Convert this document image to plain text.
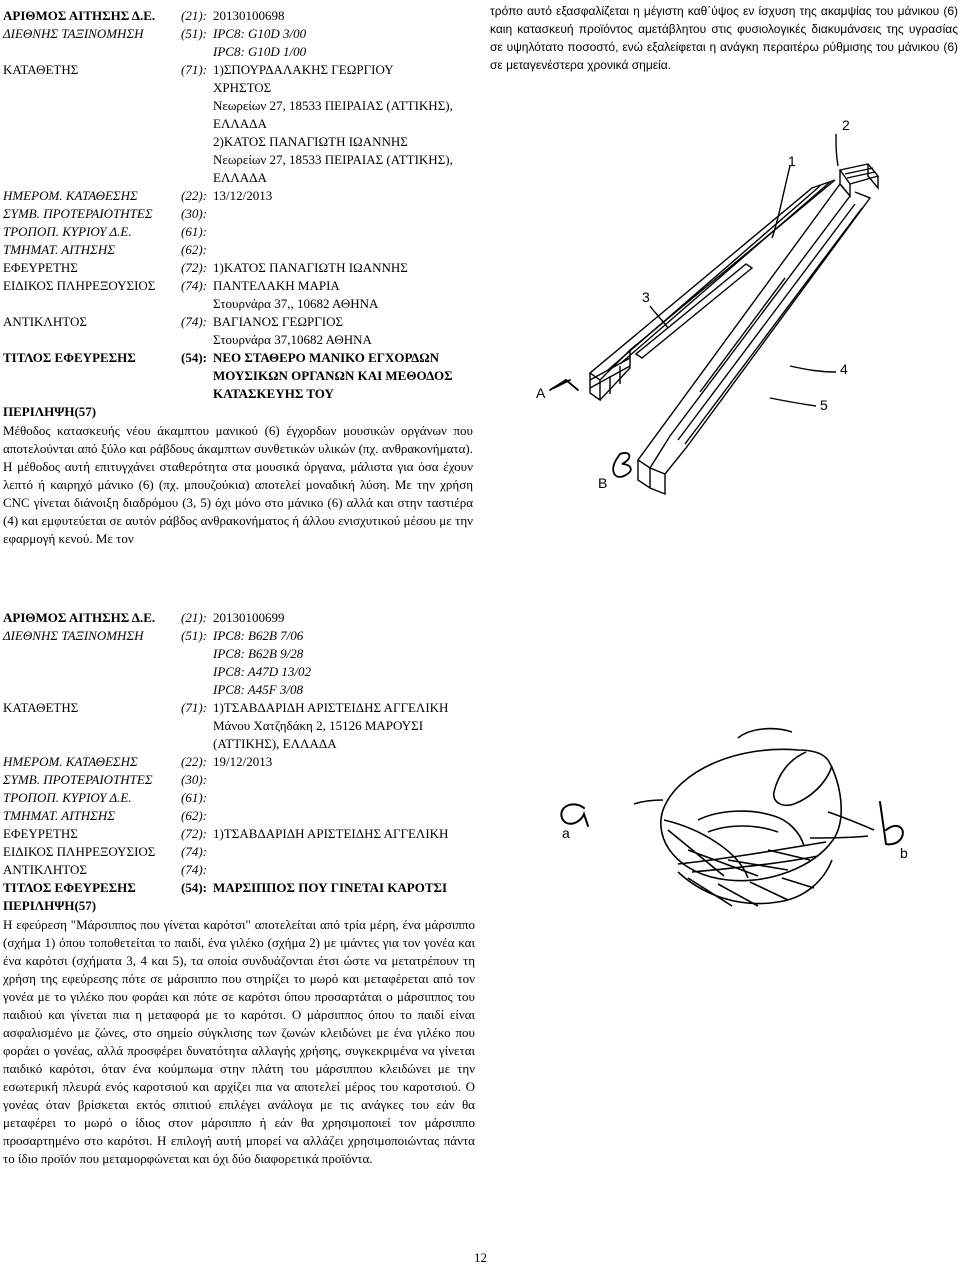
ΑΡΙΘΜΟΣ ΑΙΤΗΣΗΣ Δ.Ε. (21): 20130100698
ΔΙΕΘΝΗΣ ΤΑΞΙΝΟΜΗΣΗ	(51): IPC8: G10D 3/00
IPC8: G10D 1/00
ΚΑΤΑΘΕΤΗΣ	(71): 1)ΣΠΟΥΡΔΑΛΑΚΗΣ ΓΕΩΡΓΙΟΥ
ΧΡΗΣΤΟΣ
Νεωρείων 27, 18533 ΠΕΙΡΑΙΑΣ (ΑΤΤΙΚΗΣ),
ΕΛΛΑΔΑ
2)ΚΑΤΟΣ ΠΑΝΑΓΙΩΤΗ ΙΩΑΝΝΗΣ
Νεωρείων 27, 18533 ΠΕΙΡΑΙΑΣ (ΑΤΤΙΚΗΣ),
ΕΛΛΑΔΑ
ΗΜΕΡΟΜ. ΚΑΤΑΘΕΣΗΣ	(22): 13/12/2013
ΣΥΜΒ. ΠΡΟΤΕΡΑΙΟΤΗΤΕΣ (30):
ΤΡΟΠΟΠ. ΚΥΡΙΟΥ Δ.Ε.	(61):
ΤΜΗΜΑΤ. ΑΙΤΗΣΗΣ	(62):
ΕΦΕΥΡΕΤΗΣ	(72): 1)ΚΑΤΟΣ ΠΑΝΑΓΙΩΤΗ ΙΩΑΝΝΗΣ
ΕΙΔΙΚΟΣ ΠΛΗΡΕΞΟΥΣΙΟΣ (74): ΠΑΝΤΕΛΑΚΗ ΜΑΡΙΑ
Στουρνάρα 37,, 10682 ΑΘΗΝΑ
ΑΝΤΙΚΛΗΤΟΣ	(74): ΒΑΓΙΑΝΟΣ ΓΕΩΡΓΙΟΣ
Στουρνάρα 37,10682 ΑΘΗΝΑ
ΤΙΤΛΟΣ ΕΦΕΥΡΕΣΗΣ	(54): ΝΕΟ ΣΤΑΘΕΡΟ ΜΑΝΙΚΟ ΕΓΧΟΡΔΩΝ
ΜΟΥΣΙΚΩΝ ΟΡΓΑΝΩΝ ΚΑΙ ΜΕΘΟΔΟΣ
ΚΑΤΑΣΚΕΥΗΣ ΤΟΥ
ΠΕΡΙΛΗΨΗ(57)

Μέθοδος κατασκευής νέου άκαμπτου μανικού (6) έγχορδων μουσικών οργάνων που αποτελούνται από ξύλο και ράβδους άκαμπτων συνθετικών υλικών (πχ. ανθρακονήματα). Η μέθοδος αυτή επιτυγχάνει σταθερότητα στα μουσικά όργανα, μάλιστα για όσα έχουν λεπτό ή καιρηχό μάνικο (6) (πχ. μπουζούκια) αποτελεί μοναδική λύση. Με την χρήση CNC γίνεται διάνοιξη διαδρόμου (3, 5) όχι μόνο στο μάνικο (6) αλλά και στην ταστιέρα (4) και εμφυτεύεται σε αυτόν ράβδος ανθρακονήματος ή άλλου ενισχυτικού μέσου με την εφαρμογή κενού. Με τον

τρόπο αυτό εξασφαλίζεται η μέγιστη καθ΄ύψος εν ίσχυση της ακαμψίας του μάνικου (6) καιη κατασκευή προϊόντος αμετάβλητου στις φυσιολογικές διακυμάνσεις της υγρασίας σε υψηλότατο ποσοστό, ενώ εξαλείφεται η ανάγκη περαιτέρω ρύθμισης του μάνικου (6) σε μεταγενέστερα χρονικά σημεία.

1
2
3
4
5
A
B
ΑΡΙΘΜΟΣ ΑΙΤΗΣΗΣ Δ.Ε. (21): 20130100699
ΔΙΕΘΝΗΣ ΤΑΞΙΝΟΜΗΣΗ	(51): IPC8: B62B 7/06
IPC8: B62B 9/28
IPC8: A47D 13/02
IPC8: A45F 3/08
ΚΑΤΑΘΕΤΗΣ	(71): 1)ΤΣΑΒΔΑΡΙΔΗ ΑΡΙΣΤΕΙΔΗΣ ΑΓΓΕΛΙΚΗ
Μάνου Χατζηδάκη 2, 15126 ΜΑΡΟΥΣΙ
(ΑΤΤΙΚΗΣ), ΕΛΛΑΔΑ
ΗΜΕΡΟΜ. ΚΑΤΑΘΕΣΗΣ	(22): 19/12/2013
ΣΥΜΒ. ΠΡΟΤΕΡΑΙΟΤΗΤΕΣ (30):
ΤΡΟΠΟΠ. ΚΥΡΙΟΥ Δ.Ε.	(61):
ΤΜΗΜΑΤ. ΑΙΤΗΣΗΣ	(62):
ΕΦΕΥΡΕΤΗΣ	(72): 1)ΤΣΑΒΔΑΡΙΔΗ ΑΡΙΣΤΕΙΔΗΣ ΑΓΓΕΛΙΚΗ
ΕΙΔΙΚΟΣ ΠΛΗΡΕΞΟΥΣΙΟΣ (74):
ΑΝΤΙΚΛΗΤΟΣ	(74):
ΤΙΤΛΟΣ ΕΦΕΥΡΕΣΗΣ	(54): ΜΑΡΣΙΠΠΟΣ ΠΟΥ ΓΙΝΕΤΑΙ ΚΑΡΟΤΣΙ
ΠΕΡΙΛΗΨΗ(57)

Η εφεύρεση "Μάρσιππος που γίνεται καρότσι" αποτελείται από τρία μέρη, ένα μάρσιππο (σχήμα 1) όπου τοποθετείται το παιδί, ένα γιλέκο (σχήμα 2) με ιμάντες για τον γονέα και ένα καρότσι (σχήματα 3, 4 και 5), τα οποία συνδυάζονται έτσι ώστε να μετατρέπουν τη χρήση της εφεύρεσης πότε σε μάρσιππο που στηρίζει το μωρό και μεταφέρεται από τον γονέα με το γιλέκο που φοράει και πότε σε καρότσι όπου προσαρτάται ο μάρσιππος του παιδιού και γίνεται πια η μεταφορά με το καρότσι. Ο μάρσιππος όπου το παιδί είναι ασφαλισμένο με ζώνες, στο σημείο σύγκλισης των ζωνών κλειδώνει με ένα γιλέκο που φοράει ο γονέας, αλλά προσφέρει δυνατότητα αλλαγής χρήσης, συγκεκριμένα να γίνεται παιδικό καρότσι, όταν ένα κούμπωμα στην πλάτη του μάρσιππου κλειδώνει με την εσωτερική πλευρά ενός καροτσιού και αρχίζει πια να αποτελεί μέρος του καροτσιού. Ο γονέας όταν βρίσκεται εκτός σπιτιού επιλέγει ανάλογα με τις ανάγκες του εάν θα μεταφέρει το μωρό ο ίδιος στον μάρσιππο ή εάν θα χρησιμοποιεί τον μάρσιππο προσαρτημένο στο καρότσι. Η επιλογή αυτή μπορεί να αλλάζει χρησιμοποιώντας πάντα το ίδιο προϊόν που μεταμορφώνεται και όχι δύο διαφορετικά προϊόντα.

a
b
12
